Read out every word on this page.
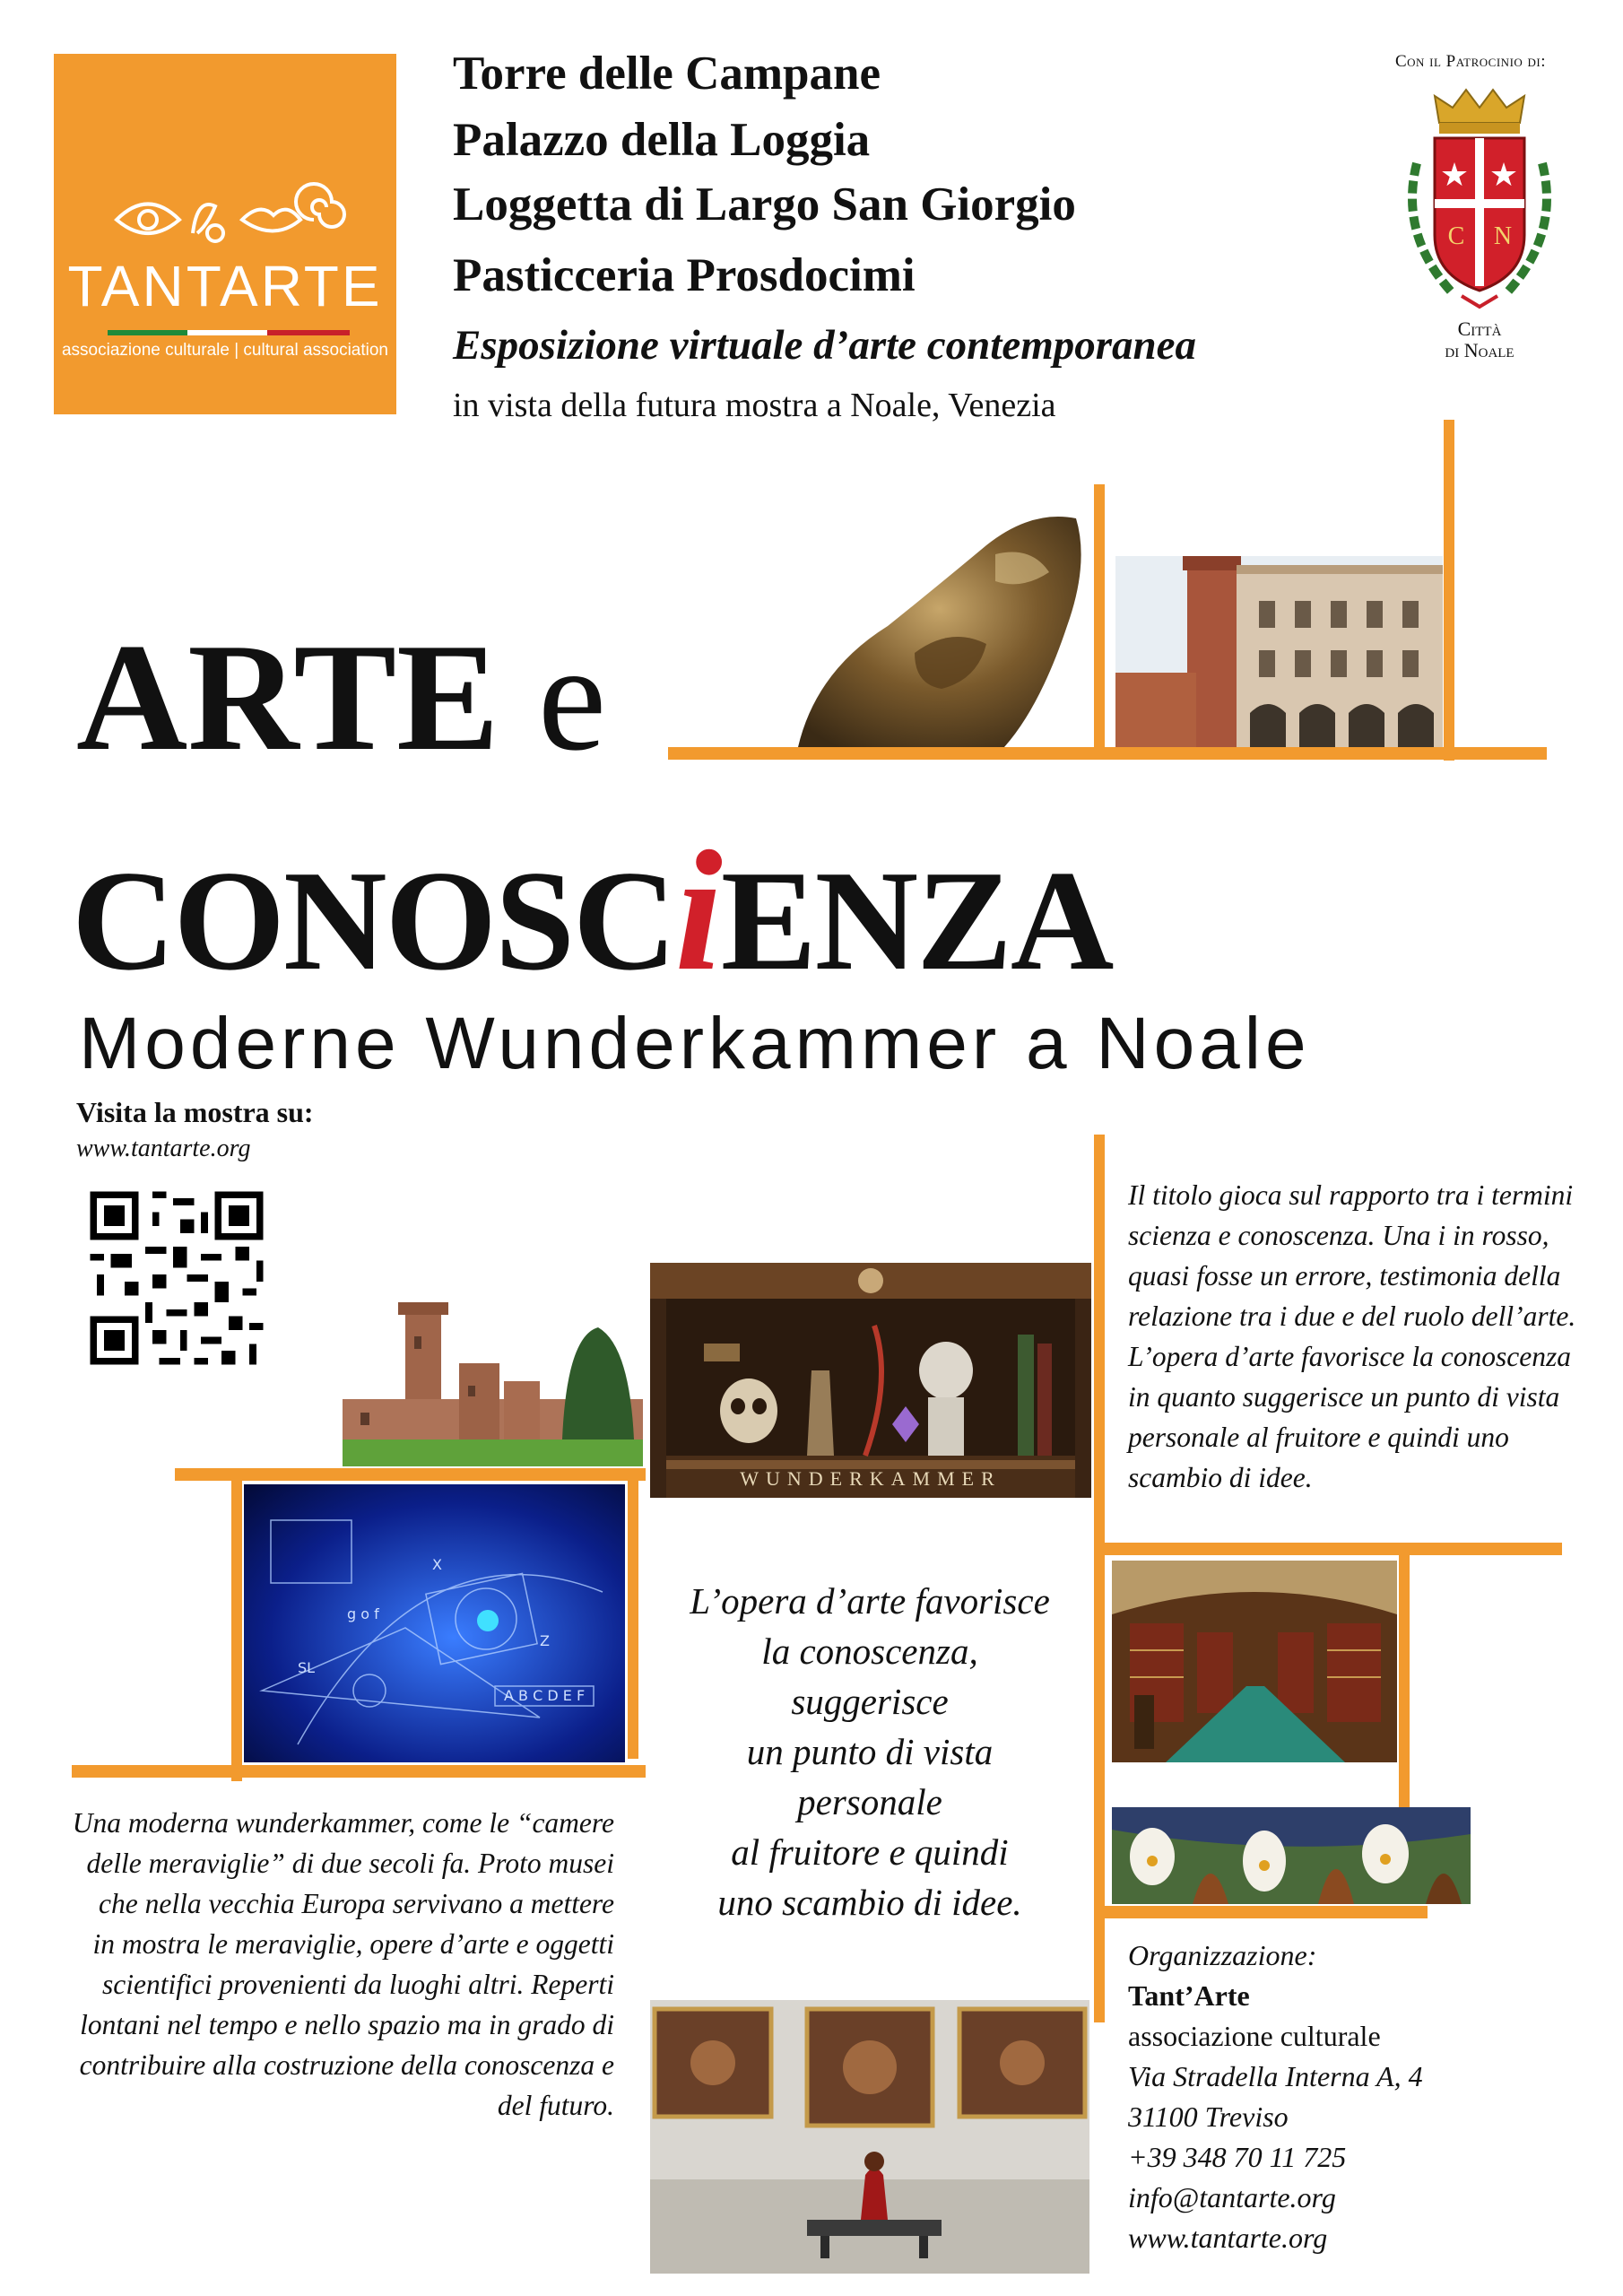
TANTARTE
associazione culturale | cultural association
Torre delle Campane
Palazzo della Loggia
Loggetta di Largo San Giorgio
Pasticceria Prosdocimi
Esposizione virtuale d’arte contemporanea
in vista della futura mostra a Noale, Venezia
Con il Patrocinio di:
★ ★
C N
Città
di Noale
ARTE e
CONOSCiENZA
Moderne Wunderkammer a Noale
Visita la mostra su:
www.tantarte.org
WUNDERKAMMER
g o f
SL
A B C D E F
X
Z
Il titolo gioca sul rapporto tra i termini scienza e conoscenza. Una i in rosso, quasi fosse un errore, testimonia della relazione tra i due e del ruolo dell’arte. L’opera d’arte favorisce la conoscenza in quanto suggerisce un punto di vista personale al fruitore e quindi uno scambio di idee.
L’opera d’arte favorisce
la conoscenza,
suggerisce
un punto di vista
personale
al fruitore e quindi
uno scambio di idee.
Una moderna wunderkammer, come le “camere delle meraviglie” di due secoli fa. Proto musei che nella vecchia Europa servivano a mettere in mostra le meraviglie, opere d’arte e oggetti scientifici provenienti da luoghi altri. Reperti lontani nel tempo e nello spazio ma in grado di contribuire alla costruzione della conoscenza e del futuro.
Organizzazione:
Tant’Arte
associazione culturale
Via Stradella Interna A, 4
31100 Treviso
+39 348 70 11 725
info@tantarte.org
www.tantarte.org
